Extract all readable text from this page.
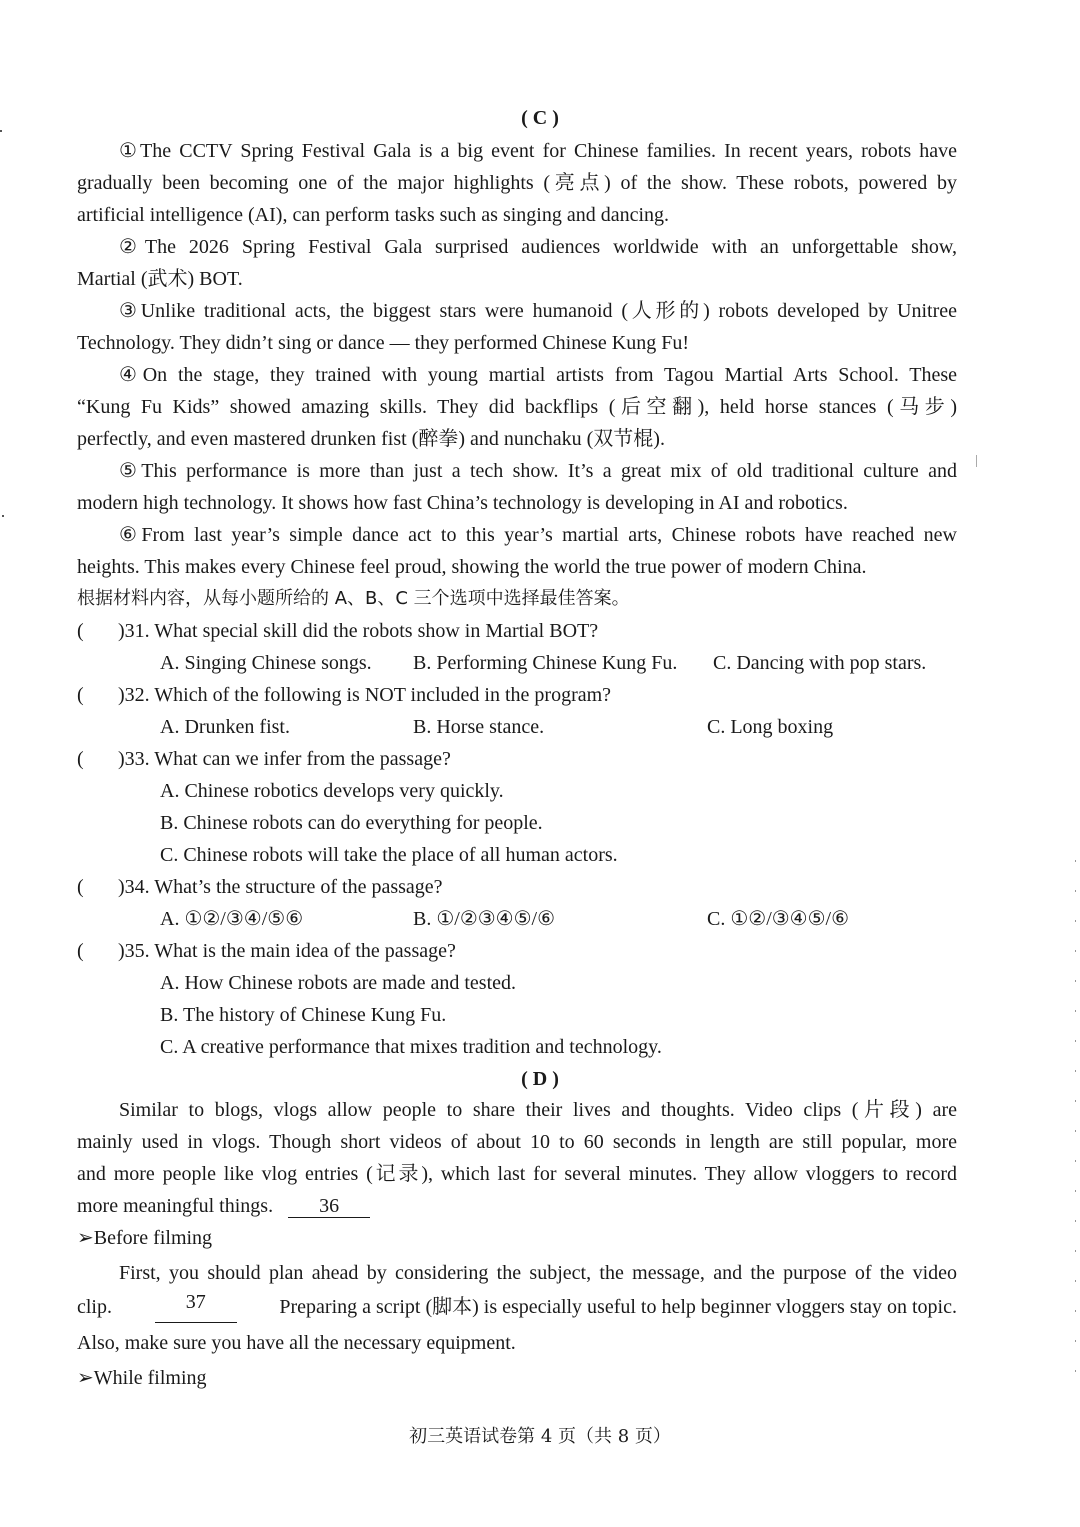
( C )
①The CCTV Spring Festival Gala is a big event for Chinese families. In recent years, robots have
gradually been becoming one of the major highlights (亮点) of the show. These robots, powered by
artificial intelligence (AI), can perform tasks such as singing and dancing.
②The 2026 Spring Festival Gala surprised audiences worldwide with an unforgettable show,
Martial (武术) BOT.
③Unlike traditional acts, the biggest stars were humanoid (人形的) robots developed by Unitree
Technology. They didn’t sing or dance — they performed Chinese Kung Fu!
④On the stage, they trained with young martial artists from Tagou Martial Arts School. These
“Kung Fu Kids” showed amazing skills. They did backflips (后空翻), held horse stances (马步)
perfectly, and even mastered drunken fist (醉拳) and nunchaku (双节棍).
⑤This performance is more than just a tech show. It’s a great mix of old traditional culture and
modern high technology. It shows how fast China’s technology is developing in AI and robotics.
⑥From last year’s simple dance act to this year’s martial arts, Chinese robots have reached new
heights. This makes every Chinese feel proud, showing the world the true power of modern China.
根据材料内容，从每小题所给的 A、B、C 三个选项中选择最佳答案。
( )31. What special skill did the robots show in Martial BOT?
A. Singing Chinese songs. B. Performing Chinese Kung Fu. C. Dancing with pop stars.
( )32. Which of the following is NOT included in the program?
A. Drunken fist.	B. Horse stance.	C. Long boxing
( )33. What can we infer from the passage?
A. Chinese robotics develops very quickly.
B. Chinese robots can do everything for people.
C. Chinese robots will take the place of all human actors.
( )34. What’s the structure of the passage?
A. ①②/③④/⑤⑥	B. ①/②③④⑤/⑥	C. ①②/③④⑤/⑥
( )35. What is the main idea of the passage?
A. How Chinese robots are made and tested.
B. The history of Chinese Kung Fu.
C. A creative performance that mixes tradition and technology.
( D )
Similar to blogs, vlogs allow people to share their lives and thoughts. Video clips (片段) are
mainly used in vlogs. Though short videos of about 10 to 60 seconds in length are still popular, more
and more people like vlog entries (记录), which last for several minutes. They allow vloggers to record
more meaningful things. 36
➢Before filming
First, you should plan ahead by considering the subject, the message, and the purpose of the video
clip.	37	Preparing a script (脚本) is especially useful to help beginner vloggers stay on topic.
Also, make sure you have all the necessary equipment.
➢While filming
初三英语试卷第 4 页（共 8 页）
